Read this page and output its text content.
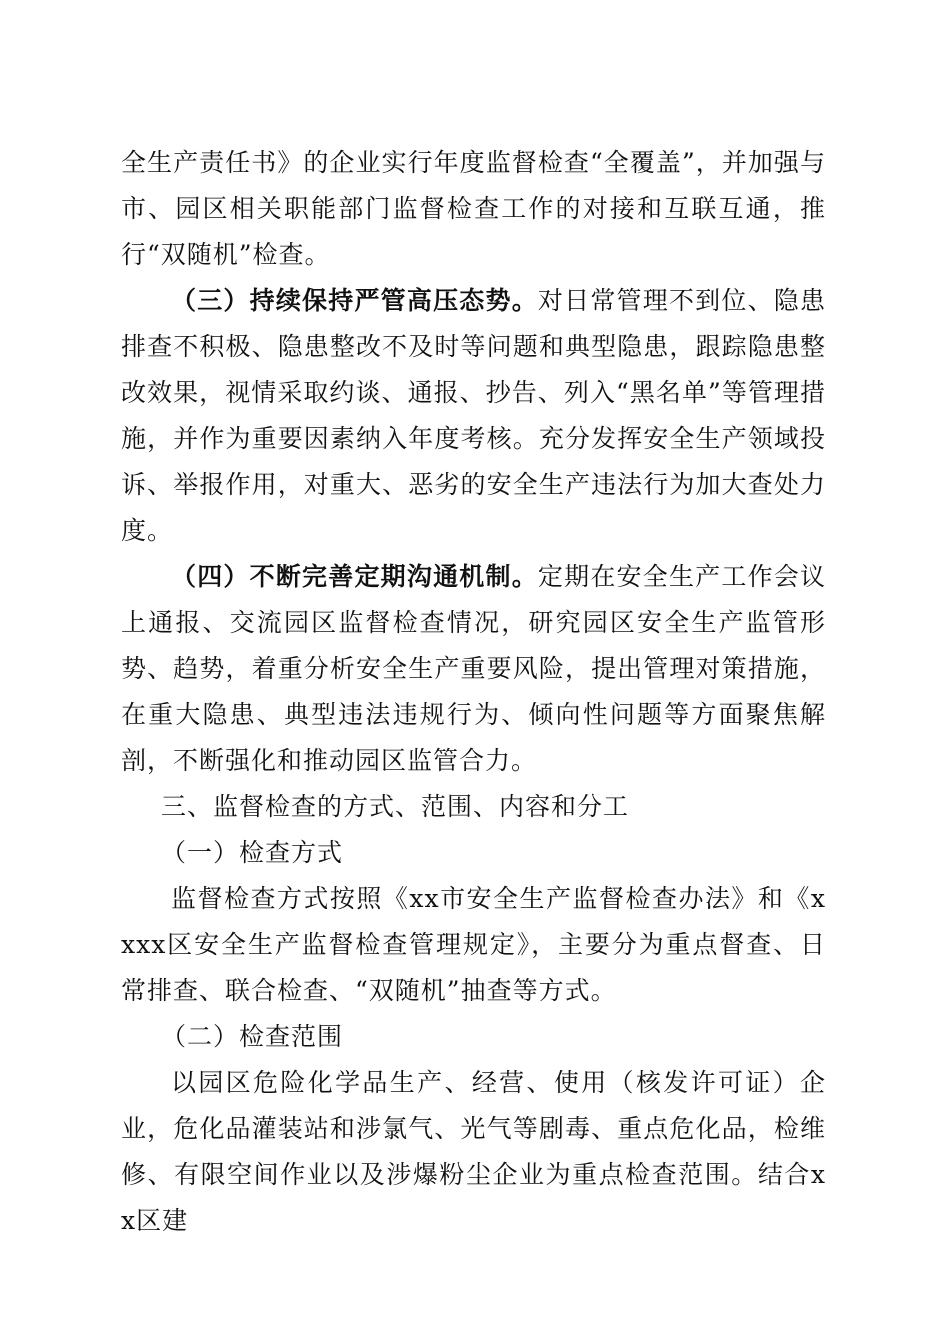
全生产责任书》的企业实行年度监督检查“全覆盖”，并加强与市、园区相关职能部门监督检查工作的对接和互联互通，推行“双随机”检查。

（三）持续保持严管高压态势。对日常管理不到位、隐患排查不积极、隐患整改不及时等问题和典型隐患，跟踪隐患整改效果，视情采取约谈、通报、抄告、列入“黑名单”等管理措施，并作为重要因素纳入年度考核。充分发挥安全生产领域投诉、举报作用，对重大、恶劣的安全生产违法行为加大查处力度。

（四）不断完善定期沟通机制。定期在安全生产工作会议上通报、交流园区监督检查情况，研究园区安全生产监管形势、趋势，着重分析安全生产重要风险，提出管理对策措施，在重大隐患、典型违法违规行为、倾向性问题等方面聚焦解剖，不断强化和推动园区监管合力。

三、监督检查的方式、范围、内容和分工

（一）检查方式

监督检查方式按照《xx市安全生产监督检查办法》和《xxxx区安全生产监督检查管理规定》，主要分为重点督查、日常排查、联合检查、“双随机”抽查等方式。

（二）检查范围

以园区危险化学品生产、经营、使用（核发许可证）企业，危化品灌装站和涉氯气、光气等剧毒、重点危化品，检维修、有限空间作业以及涉爆粉尘企业为重点检查范围。结合xx区建
